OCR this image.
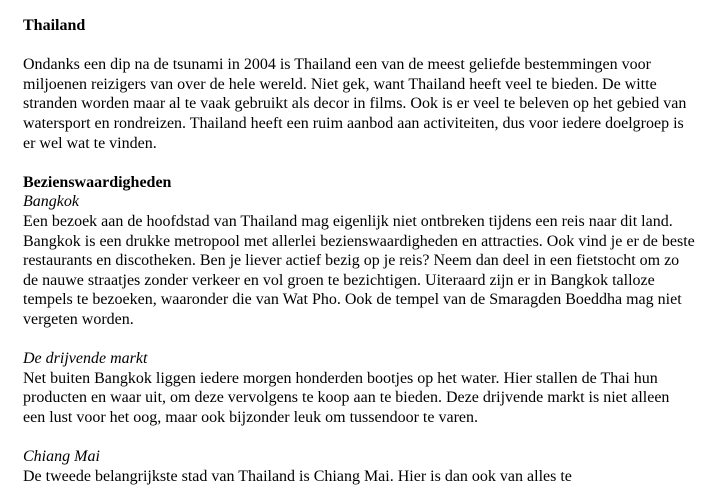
Thailand

Ondanks een dip na de tsunami in 2004 is Thailand een van de meest geliefde bestemmingen voor miljoenen reizigers van over de hele wereld. Niet gek, want Thailand heeft veel te bieden. De witte stranden worden maar al te vaak gebruikt als decor in films. Ook is er veel te beleven op het gebied van watersport en rondreizen. Thailand heeft een ruim aanbod aan activiteiten, dus voor iedere doelgroep is er wel wat te vinden.

Bezienswaardigheden

Bangkok

Een bezoek aan de hoofdstad van Thailand mag eigenlijk niet ontbreken tijdens een reis naar dit land. Bangkok is een drukke metropool met allerlei bezienswaardigheden en attracties. Ook vind je er de beste restaurants en discotheken. Ben je liever actief bezig op je reis? Neem dan deel in een fietstocht om zo de nauwe straatjes zonder verkeer en vol groen te bezichtigen. Uiteraard zijn er in Bangkok talloze tempels te bezoeken, waaronder die van Wat Pho. Ook de tempel van de Smaragden Boeddha mag niet vergeten worden.

De drijvende markt

Net buiten Bangkok liggen iedere morgen honderden bootjes op het water. Hier stallen de Thai hun producten en waar uit, om deze vervolgens te koop aan te bieden. Deze drijvende markt is niet alleen een lust voor het oog, maar ook bijzonder leuk om tussendoor te varen.

Chiang Mai

De tweede belangrijkste stad van Thailand is Chiang Mai. Hier is dan ook van alles te
